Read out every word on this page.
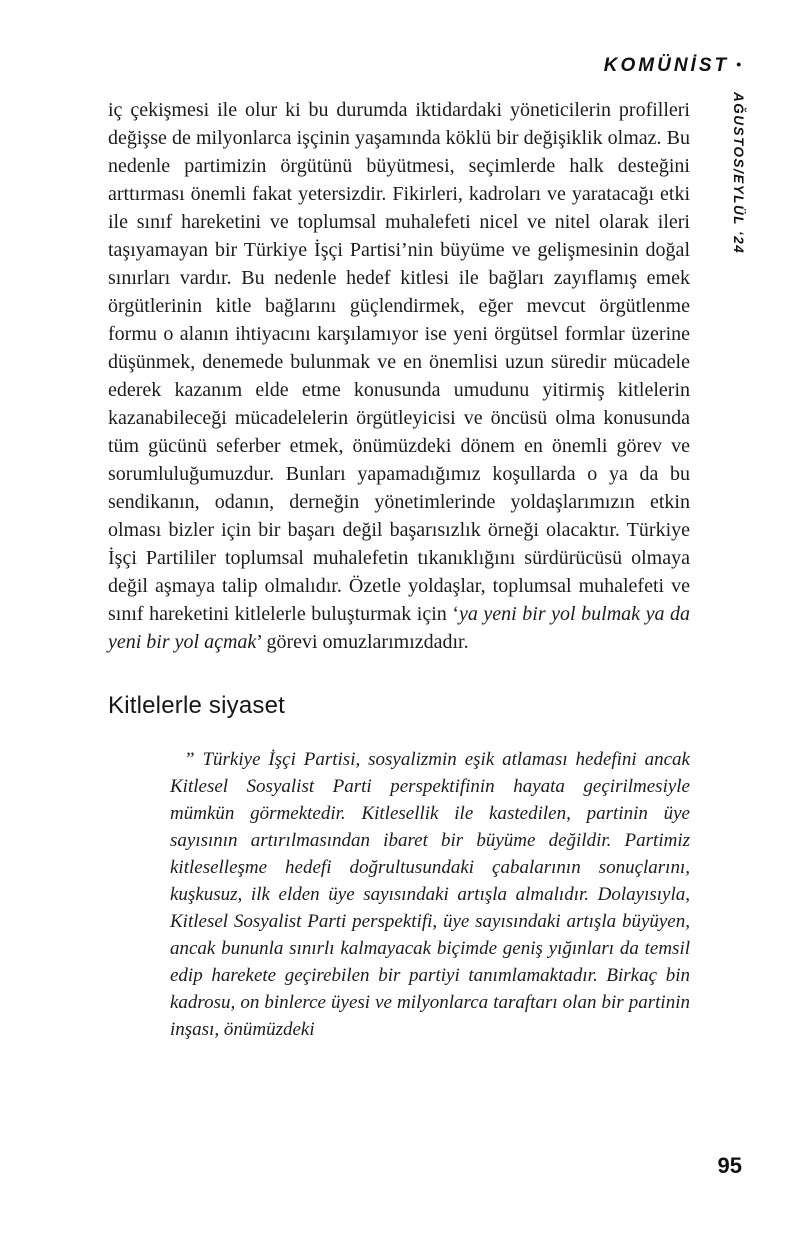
KOMÜNİST •
AĞUSTOS/EYLÜL ‘24

iç çekişmesi ile olur ki bu durumda iktidardaki yöneticilerin profilleri değişse de milyonlarca işçinin yaşamında köklü bir değişiklik olmaz. Bu nedenle partimizin örgütünü büyütmesi, seçimlerde halk desteğini arttırması önemli fakat yetersizdir. Fikirleri, kadroları ve yaratacağı etki ile sınıf hareketini ve toplumsal muhalefeti nicel ve nitel olarak ileri taşıyamayan bir Türkiye İşçi Partisi’nin büyüme ve gelişmesinin doğal sınırları vardır. Bu nedenle hedef kitlesi ile bağları zayıflamış emek örgütlerinin kitle bağlarını güçlendirmek, eğer mevcut örgütlenme formu o alanın ihtiyacını karşılamıyor ise yeni örgütsel formlar üzerine düşünmek, denemede bulunmak ve en önemlisi uzun süredir mücadele ederek kazanım elde etme konusunda umudunu yitirmiş kitlelerin kazanabileceği mücadelelerin örgütleyicisi ve öncüsü olma konusunda tüm gücünü seferber etmek, önümüzdeki dönem en önemli görev ve sorumluluğumuzdur. Bunları yapamadığımız koşullarda o ya da bu sendikanın, odanın, derneğin yönetimlerinde yoldaşlarımızın etkin olması bizler için bir başarı değil başarısızlık örneği olacaktır. Türkiye İşçi Partililer toplumsal muhalefetin tıkanıklığını sürdürücüsü olmaya değil aşmaya talip olmalıdır. Özetle yoldaşlar, toplumsal muhalefeti ve sınıf hareketini kitlelerle buluşturmak için ‘ya yeni bir yol bulmak ya da yeni bir yol açmak’ görevi omuzlarımızdadır.

Kitlelerle siyaset
” Türkiye İşçi Partisi, sosyalizmin eşik atlaması hedefini ancak Kitlesel Sosyalist Parti perspektifinin hayata geçirilmesiyle mümkün görmektedir. Kitlesellik ile kastedilen, partinin üye sayısının artırılmasından ibaret bir büyüme değildir. Partimiz kitleselleşme hedefi doğrultusundaki çabalarının sonuçlarını, kuşkusuz, ilk elden üye sayısındaki artışla almalıdır. Dolayısıyla, Kitlesel Sosyalist Parti perspektifi, üye sayısındaki artışla büyüyen, ancak bununla sınırlı kalmayacak biçimde geniş yığınları da temsil edip harekete geçirebilen bir partiyi tanımlamaktadır. Birkaç bin kadrosu, on binlerce üyesi ve milyonlarca taraftarı olan bir partinin inşası, önümüzdeki
95
